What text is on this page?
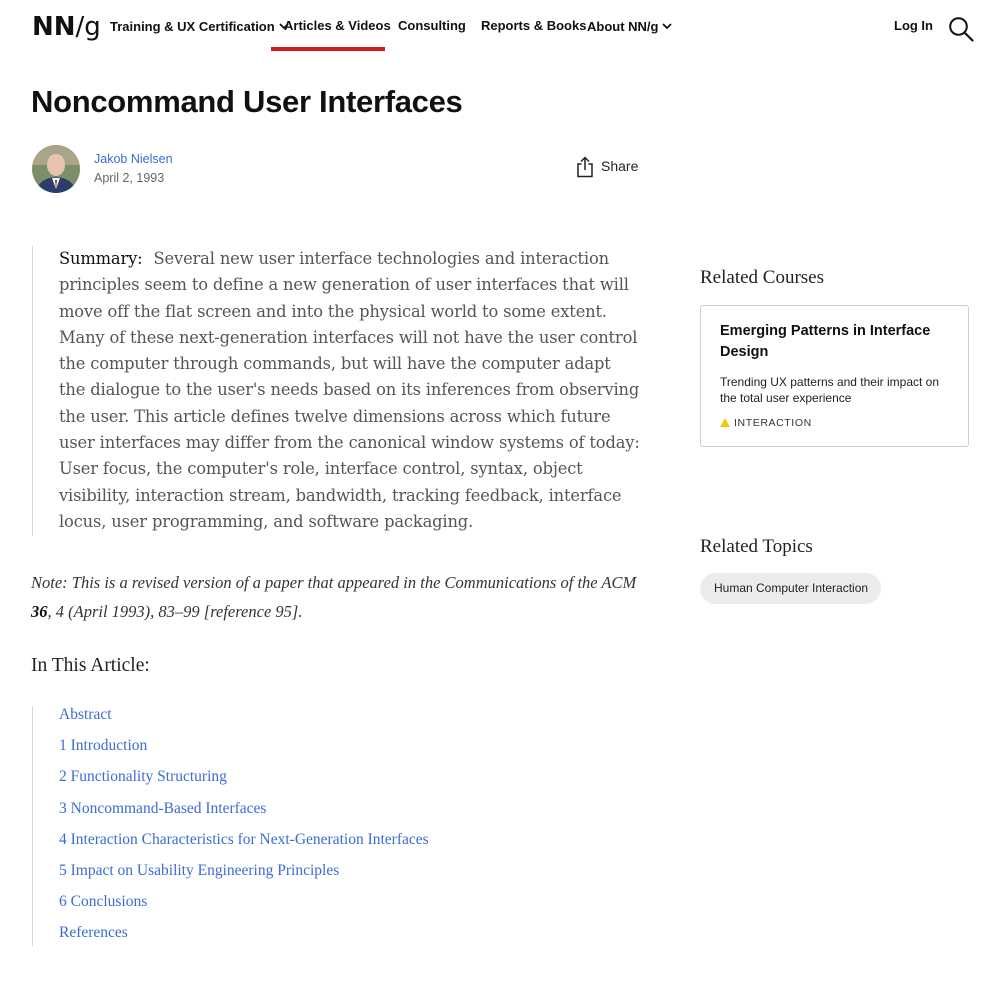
NN/g Training & UX Certification Articles & Videos Consulting Reports & Books About NN/g	Log In
Noncommand User Interfaces
Jakob Nielsen
April 2, 1993
Share

Summary: Several new user interface technologies and interaction principles seem to define a new generation of user interfaces that will move off the flat screen and into the physical world to some extent. Many of these next-generation interfaces will not have the user control the computer through commands, but will have the computer adapt the dialogue to the user's needs based on its inferences from observing the user. This article defines twelve dimensions across which future user interfaces may differ from the canonical window systems of today: User focus, the computer's role, interface control, syntax, object visibility, interaction stream, bandwidth, tracking feedback, interface locus, user programming, and software packaging.

Note: This is a revised version of a paper that appeared in the Communications of the ACM 36, 4 (April 1993), 83–99 [reference 95].

In This Article:
Abstract
1 Introduction
2 Functionality Structuring
3 Noncommand-Based Interfaces
4 Interaction Characteristics for Next-Generation Interfaces
5 Impact on Usability Engineering Principles
6 Conclusions
References
Related Courses

Emerging Patterns in Interface Design

Trending UX patterns and their impact on the total user experience

INTERACTION
Related Topics
Human Computer Interaction
